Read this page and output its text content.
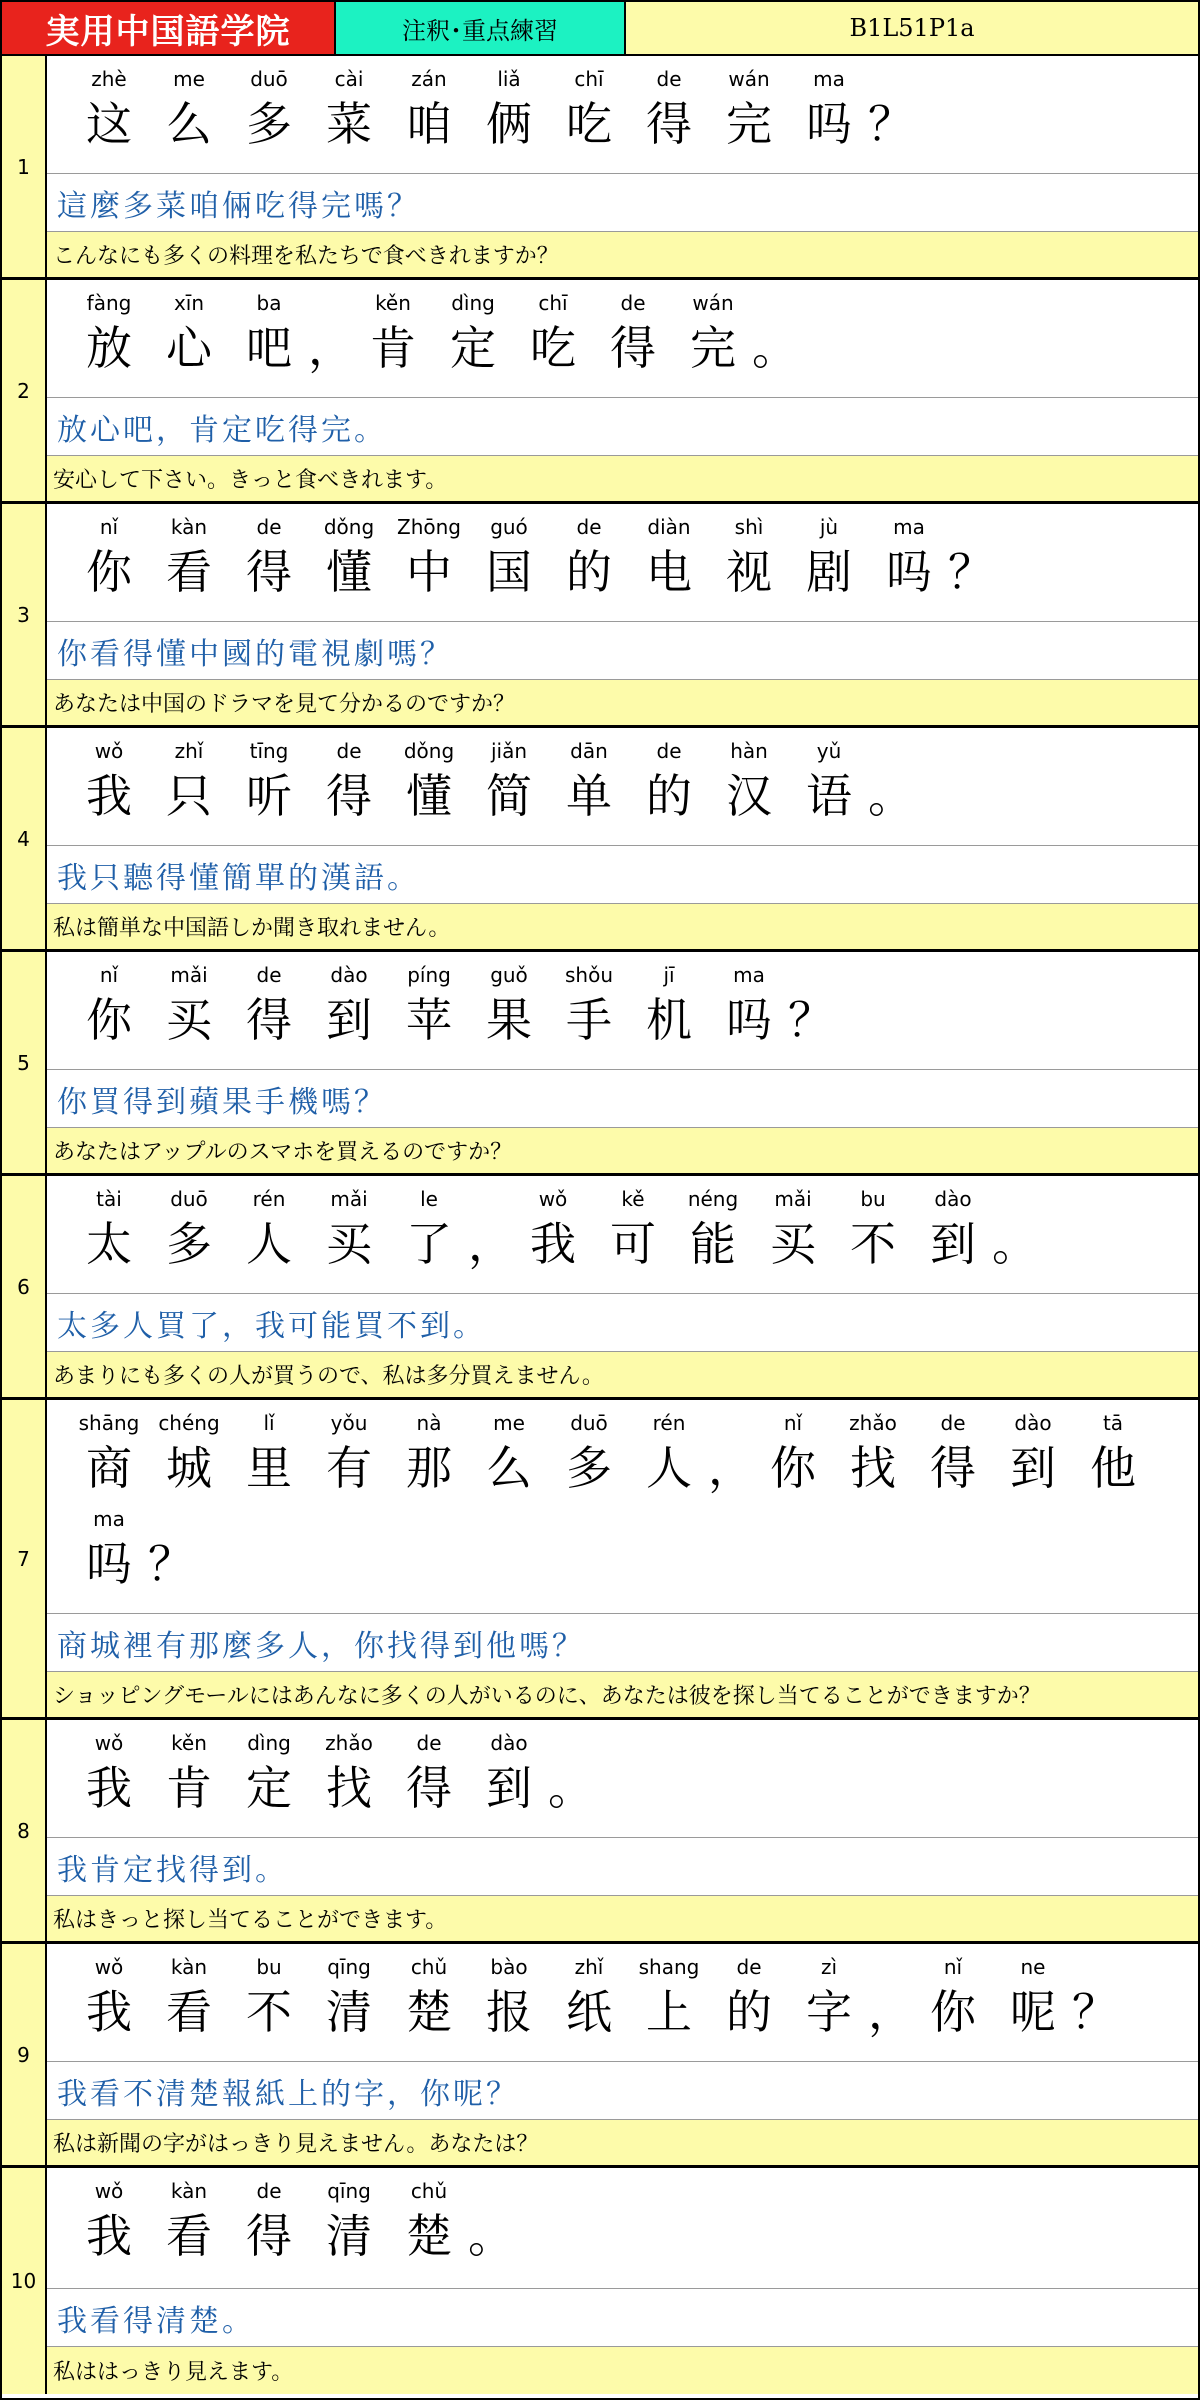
実用中国語学院	注釈･重点練習	B1L51P1a
1
zhè
这
me
么
duō
多
cài
菜
zán
咱
liǎ
俩
chī
吃
de
得
wán
完
ma
吗 ？
這麼多菜咱倆吃得完嗎？
こんなにも多くの料理を私たちで食べきれますか？
2
fàng
放
xīn
心
ba
吧 ，
kěn
肯
dìng
定
chī
吃
de
得
wán
完 。
放心吧，肯定吃得完。
安心して下さい。きっと食べきれます。
3
nǐ
你
kàn
看
de
得
dǒng
懂
Zhōng
中
guó
国
de
的
diàn
电
shì
视
jù
剧
ma
吗 ？
你看得懂中國的電視劇嗎？
あなたは中国のドラマを見て分かるのですか？
4
wǒ
我
zhǐ
只
tīng
听
de
得
dǒng
懂
jiǎn
简
dān
单
de
的
hàn
汉
yǔ
语 。
我只聽得懂簡單的漢語。
私は簡単な中国語しか聞き取れません。
5
nǐ
你
mǎi
买
de
得
dào
到
píng
苹
guǒ
果
shǒu
手
jī
机
ma
吗 ？
你買得到蘋果手機嗎？
あなたはアップルのスマホを買えるのですか？
6
tài
太
duō
多
rén
人
mǎi
买
le
了 ，
wǒ
我
kě
可
néng
能
mǎi
买
bu
不
dào
到 。
太多人買了，我可能買不到。
あまりにも多くの人が買うので、私は多分買えません。
7
shāng
商
chéng
城
lǐ
里
yǒu
有
nà
那
me
么
duō
多
rén
人 ，
nǐ
你
zhǎo
找
de
得
dào
到
tā
他
ma
吗 ？
商城裡有那麼多人，你找得到他嗎？
ショッピングモールにはあんなに多くの人がいるのに、あなたは彼を探し当てることができますか？
8
wǒ
我
kěn
肯
dìng
定
zhǎo
找
de
得
dào
到 。
我肯定找得到。
私はきっと探し当てることができます。
9
wǒ
我
kàn
看
bu
不
qīng
清
chǔ
楚
bào
报
zhǐ
纸
shang
上
de
的
zì
字 ，
nǐ
你
ne
呢 ？
我看不清楚報紙上的字，你呢？
私は新聞の字がはっきり見えません。あなたは？
10
wǒ
我
kàn
看
de
得
qīng
清
chǔ
楚 。
我看得清楚。
私ははっきり見えます。
